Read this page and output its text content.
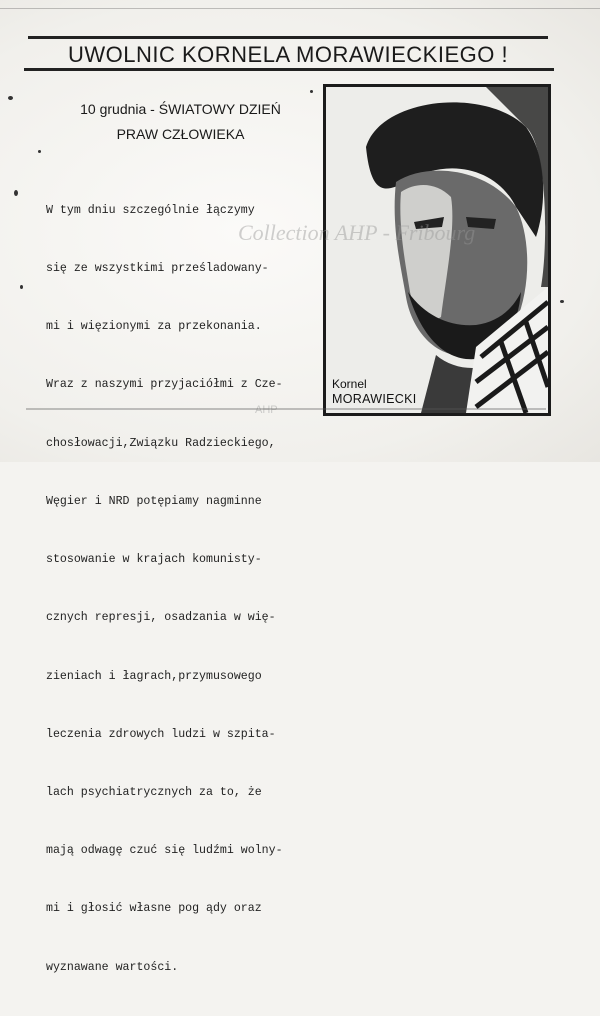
UWOLNIC KORNELA MORAWIECKIEGO !
10 grudnia - ŚWIATOWY DZIEŃ
PRAW CZŁOWIEKA

W tym dniu szczególnie łączymy

się ze wszystkimi prześladowany-

mi i więzionymi za przekonania.

Wraz z naszymi przyjaciółmi z Cze-

chosłowacji,Związku Radzieckiego,

Węgier i NRD potępiamy nagminne

stosowanie w krajach komunisty-

cznych represji, osadzania w wię-

zieniach i łagrach,przymusowego

leczenia zdrowych ludzi w szpita-

lach psychiatrycznych za to, że

mają odwagę czuć się ludźmi wolny-

mi i głosić własne pog ądy oraz

wyznawane wartości.

Kornel
MORAWIECKI
Collection AHP - Fribourg
AHP
